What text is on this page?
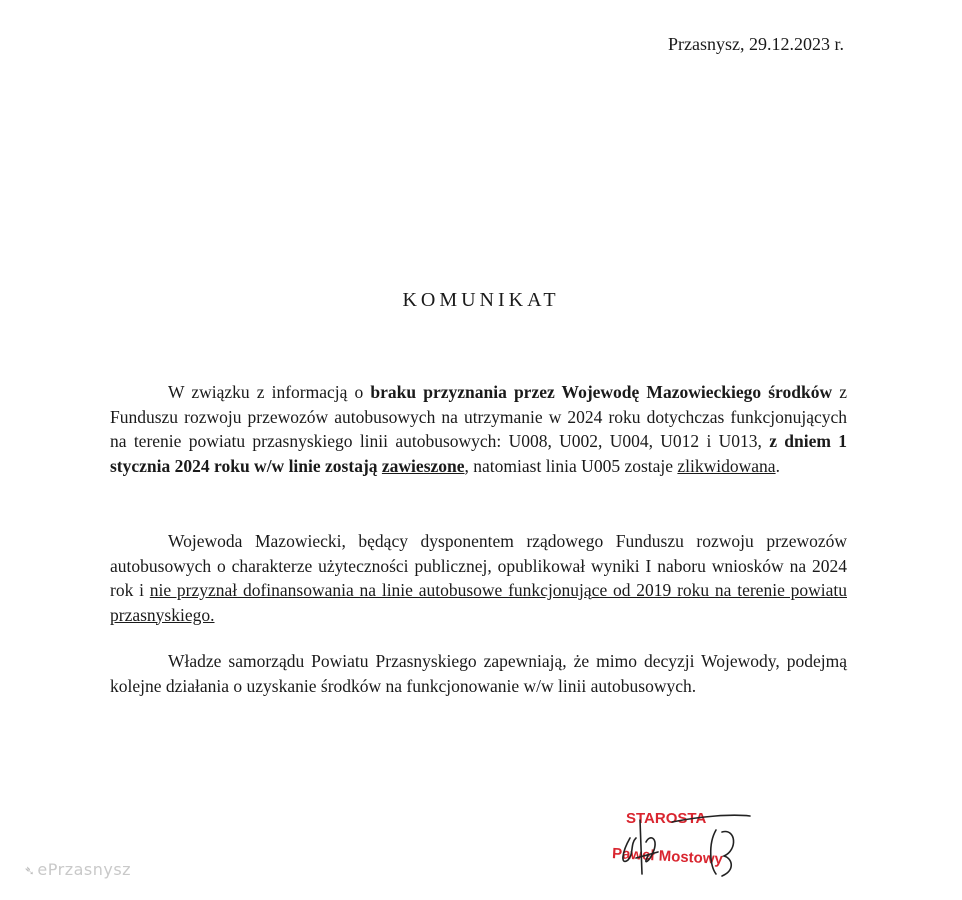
Przasnysz, 29.12.2023 r.
KOMUNIKAT

W związku z informacją o braku przyznania przez Wojewodę Mazowieckiego środków z Funduszu rozwoju przewozów autobusowych na utrzymanie w 2024 roku dotychczas funkcjonujących na terenie powiatu przasnyskiego linii autobusowych: U008, U002, U004, U012 i U013, z dniem 1 stycznia 2024 roku w/w linie zostają zawieszone, natomiast linia U005 zostaje zlikwidowana.

Wojewoda Mazowiecki, będący dysponentem rządowego Funduszu rozwoju przewozów autobusowych o charakterze użyteczności publicznej, opublikował wyniki I naboru wniosków na 2024 rok i nie przyznał dofinansowania na linie autobusowe funkcjonujące od 2019 roku na terenie powiatu przasnyskiego.

Władze samorządu Powiatu Przasnyskiego zapewniają, że mimo decyzji Wojewody, podejmą kolejne działania o uzyskanie środków na funkcjonowanie w/w linii autobusowych.

STAROSTA
Paweł Mostowy
➴ ePrzasnysz
